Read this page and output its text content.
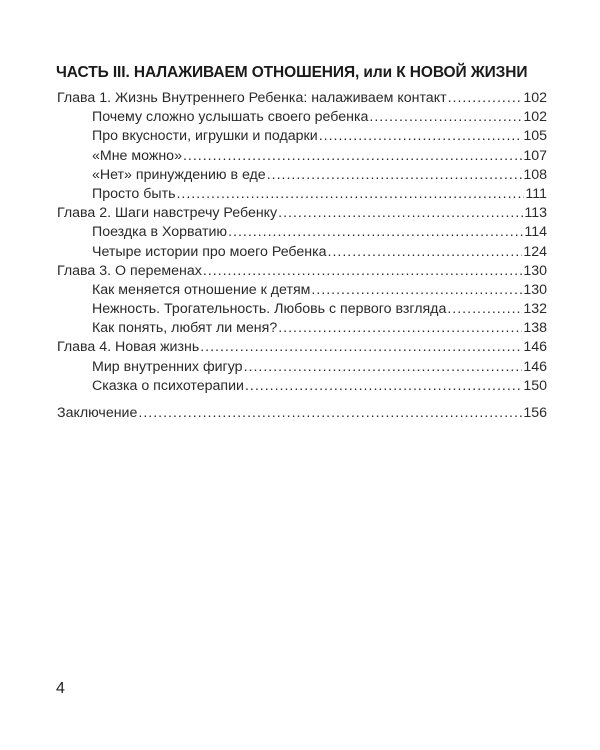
ЧАСТЬ III. НАЛАЖИВАЕМ ОТНОШЕНИЯ, или К НОВОЙ ЖИЗНИ
Глава 1. Жизнь Внутреннего Ребенка: налаживаем контакт .....	102
Почему сложно услышать своего ребенка .....	102
Про вкусности, игрушки и подарки .....	105
«Мне можно» .....	107
«Нет» принуждению в еде .....	108
Просто быть .....	111
Глава 2. Шаги навстречу Ребенку .....	113
Поездка в Хорватию .....	114
Четыре истории про моего Ребенка .....	124
Глава 3. О переменах .....	130
Как меняется отношение к детям .....	130
Нежность. Трогательность. Любовь с первого взгляда .....	132
Как понять, любят ли меня? .....	138
Глава 4. Новая жизнь .....	146
Мир внутренних фигур .....	146
Сказка о психотерапии .....	150
Заключение .....	156
4
